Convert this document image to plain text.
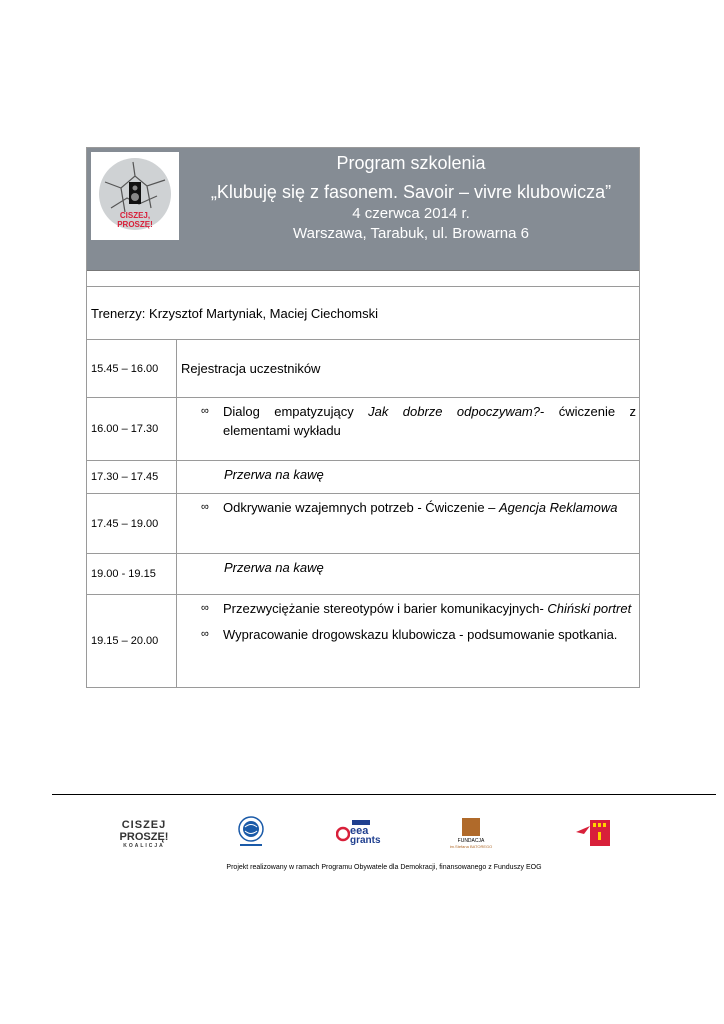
CISZEJ,
PROSZĘ!
Program szkolenia
„Klubuję się z fasonem. Savoir – vivre klubowicza”
4 czerwca 2014 r.
Warszawa, Tarabuk, ul. Browarna 6
Trenerzy: Krzysztof Martyniak, Maciej Ciechomski
15.45 – 16.00	Rejestracja uczestników
16.00 – 17.30
∞	Dialog empatyzujący Jak dobrze odpoczywam?- ćwiczenie z elementami wykładu
17.30 – 17.45	Przerwa na kawę
17.45 – 19.00
∞	Odkrywanie wzajemnych potrzeb - Ćwiczenie – Agencja Reklamowa
19.00 - 19.15	Przerwa na kawę
19.15 – 20.00
∞	Przezwyciężanie stereotypów i barier komunikacyjnych- Chiński portret
∞	Wypracowanie drogowskazu klubowicza - podsumowanie spotkania.
CISZEJ
PROSZĘ!
KOALICJA
eea
grants	FUNDACJA
im.Stefana BATOREGO
Projekt realizowany w ramach Programu Obywatele dla Demokracji, finansowanego z Funduszy EOG
